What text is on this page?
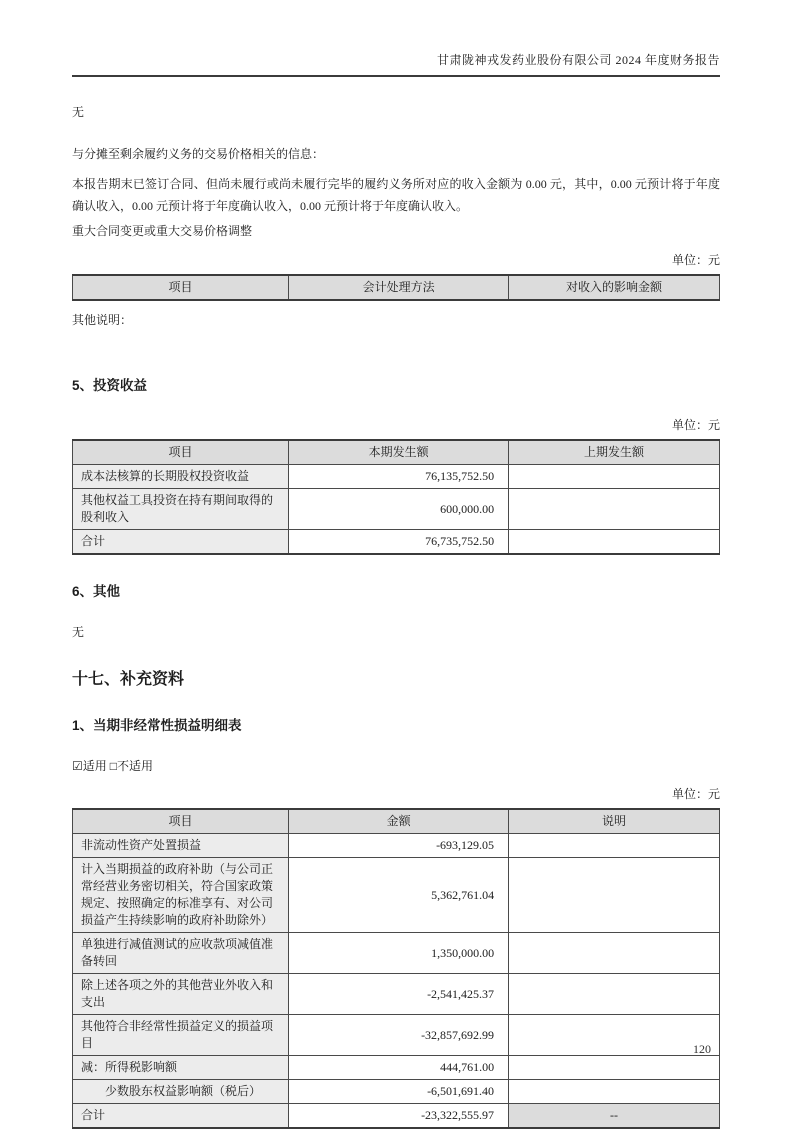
甘肃陇神戎发药业股份有限公司 2024 年度财务报告
无
与分摊至剩余履约义务的交易价格相关的信息：
本报告期末已签订合同、但尚未履行或尚未履行完毕的履约义务所对应的收入金额为 0.00 元，其中，0.00 元预计将于年度确认收入，0.00 元预计将于年度确认收入，0.00 元预计将于年度确认收入。
重大合同变更或重大交易价格调整
单位：元
项目	会计处理方法	对收入的影响金额
其他说明：
5、投资收益
单位：元
项目	本期发生额	上期发生额
成本法核算的长期股权投资收益	76,135,752.50	
其他权益工具投资在持有期间取得的股利收入	600,000.00	
合计	76,735,752.50	
6、其他
无
十七、补充资料
1、当期非经常性损益明细表
☑适用 □不适用
单位：元
项目	金额	说明
非流动性资产处置损益	-693,129.05	
计入当期损益的政府补助（与公司正常经营业务密切相关，符合国家政策规定、按照确定的标准享有、对公司损益产生持续影响的政府补助除外）	5,362,761.04	
单独进行减值测试的应收款项减值准备转回	1,350,000.00	
除上述各项之外的其他营业外收入和支出	-2,541,425.37	
其他符合非经常性损益定义的损益项目	-32,857,692.99	
减：所得税影响额	444,761.00	
　　少数股东权益影响额（税后）	-6,501,691.40	
合计	-23,322,555.97	--
120
